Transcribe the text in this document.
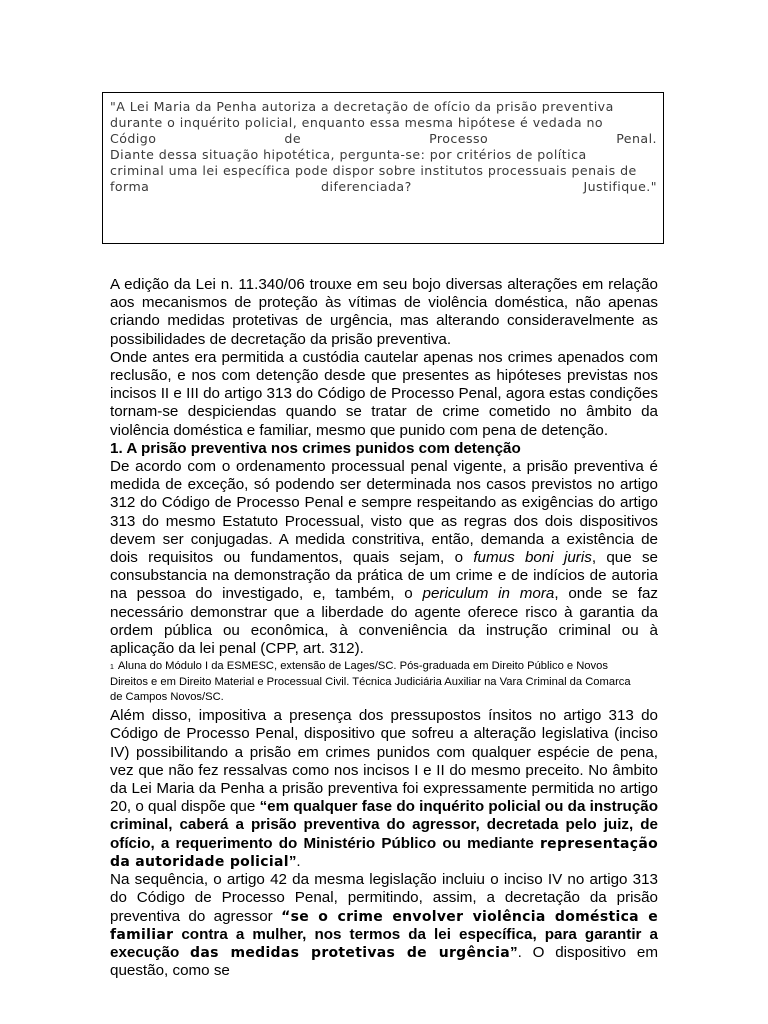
"A Lei Maria da Penha autoriza a decretação de ofício da prisão preventiva
durante o inquérito policial, enquanto essa mesma hipótese é vedada no
Código	de	Processo	Penal.
Diante dessa situação hipotética, pergunta-se: por critérios de política
criminal uma lei específica pode dispor sobre institutos processuais penais de
forma	diferenciada?	Justifique."

A edição da Lei n. 11.340/06 trouxe em seu bojo diversas alterações em relação aos mecanismos de proteção às vítimas de violência doméstica, não apenas criando medidas protetivas de urgência, mas alterando consideravelmente as possibilidades de decretação da prisão preventiva.

Onde antes era permitida a custódia cautelar apenas nos crimes apenados com reclusão, e nos com detenção desde que presentes as hipóteses previstas nos incisos II e III do artigo 313 do Código de Processo Penal, agora estas condições tornam-se despiciendas quando se tratar de crime cometido no âmbito da violência doméstica e familiar, mesmo que punido com pena de detenção.

1. A prisão preventiva nos crimes punidos com detenção

De acordo com o ordenamento processual penal vigente, a prisão preventiva é medida de exceção, só podendo ser determinada nos casos previstos no artigo 312 do Código de Processo Penal e sempre respeitando as exigências do artigo 313 do mesmo Estatuto Processual, visto que as regras dos dois dispositivos devem ser conjugadas. A medida constritiva, então, demanda a existência de dois requisitos ou fundamentos, quais sejam, o fumus boni juris, que se consubstancia na demonstração da prática de um crime e de indícios de autoria na pessoa do investigado, e, também, o periculum in mora, onde se faz necessário demonstrar que a liberdade do agente oferece risco à garantia da ordem pública ou econômica, à conveniência da instrução criminal ou à aplicação da lei penal (CPP, art. 312).

1 Aluna do Módulo I da ESMESC, extensão de Lages/SC. Pós-graduada em Direito Público e Novos

Direitos e em Direito Material e Processual Civil. Técnica Judiciária Auxiliar na Vara Criminal da Comarca

de Campos Novos/SC.

Além disso, impositiva a presença dos pressupostos ínsitos no artigo 313 do Código de Processo Penal, dispositivo que sofreu a alteração legislativa (inciso IV) possibilitando a prisão em crimes punidos com qualquer espécie de pena, vez que não fez ressalvas como nos incisos I e II do mesmo preceito. No âmbito da Lei Maria da Penha a prisão preventiva foi expressamente permitida no artigo 20, o qual dispõe que “em qualquer fase do inquérito policial ou da instrução criminal, caberá a prisão preventiva do agressor, decretada pelo juiz, de ofício, a requerimento do Ministério Público ou mediante representação da autoridade policial”.

Na sequência, o artigo 42 da mesma legislação incluiu o inciso IV no artigo 313 do Código de Processo Penal, permitindo, assim, a decretação da prisão preventiva do agressor “se o crime envolver violência doméstica e familiar contra a mulher, nos termos da lei específica, para garantir a execução das medidas protetivas de urgência”. O dispositivo em questão, como se
